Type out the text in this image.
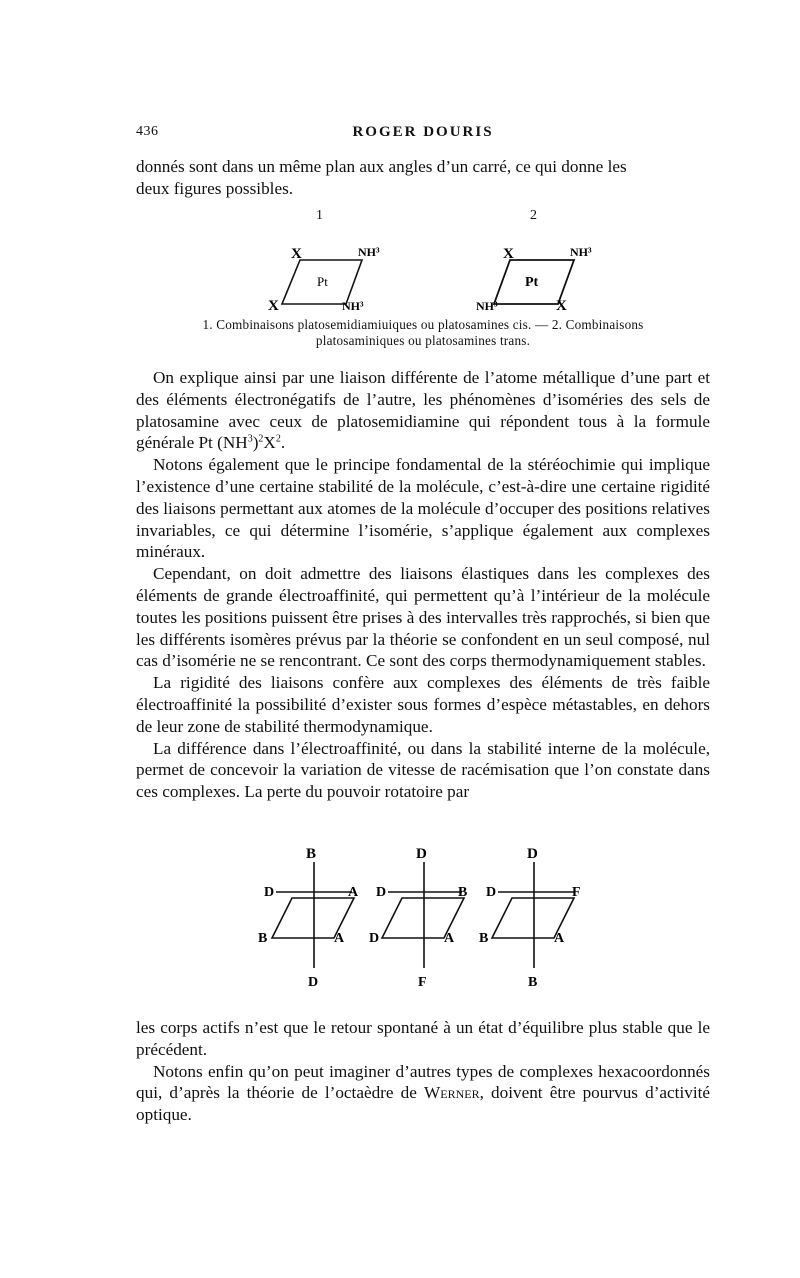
436	ROGER DOURIS

donnés sont dans un même plan aux angles d’un carré, ce qui donne les
deux figures possibles.

1	2
X	NH³
Pt
X	NH³
X	NH³
Pt
NH³	X
1. Combinaisons platosemidiamiuiques ou platosamines cis. — 2. Combinaisons
platosaminiques ou platosamines trans.

On explique ainsi par une liaison différente de l’atome métallique d’une part et des éléments électronégatifs de l’autre, les phénomènes d’isoméries des sels de platosamine avec ceux de platosemidiamine qui répondent tous à la formule générale Pt $(NH^3)^2X^2$.

Notons également que le principe fondamental de la stéréochimie qui implique l’existence d’une certaine stabilité de la molécule, c’est-à-dire une certaine rigidité des liaisons permettant aux atomes de la molécule d’occuper des positions relatives invariables, ce qui détermine l’isomérie, s’applique également aux complexes minéraux.

Cependant, on doit admettre des liaisons élastiques dans les complexes des éléments de grande électroaffinité, qui permettent qu’à l’intérieur de la molécule toutes les positions puissent être prises à des intervalles très rapprochés, si bien que les différents isomères prévus par la théorie se confondent en un seul composé, nul cas d’isomérie ne se rencontrant. Ce sont des corps thermodynamiquement stables.

La rigidité des liaisons confère aux complexes des éléments de très faible électroaffinité la possibilité d’exister sous formes d’espèce métastables, en dehors de leur zone de stabilité thermodynamique.

La différence dans l’électroaffinité, ou dans la stabilité interne de la molécule, permet de concevoir la variation de vitesse de racémisation que l’on constate dans ces complexes. La perte du pouvoir rotatoire par

B
D	A
B	A
D
D
D	B
D	A
F
D
D	F
B	A
B

les corps actifs n’est que le retour spontané à un état d’équilibre plus stable que le précédent.

Notons enfin qu’on peut imaginer d’autres types de complexes hexacoordonnés qui, d’après la théorie de l’octaèdre de Werner, doivent être pourvus d’activité optique.
